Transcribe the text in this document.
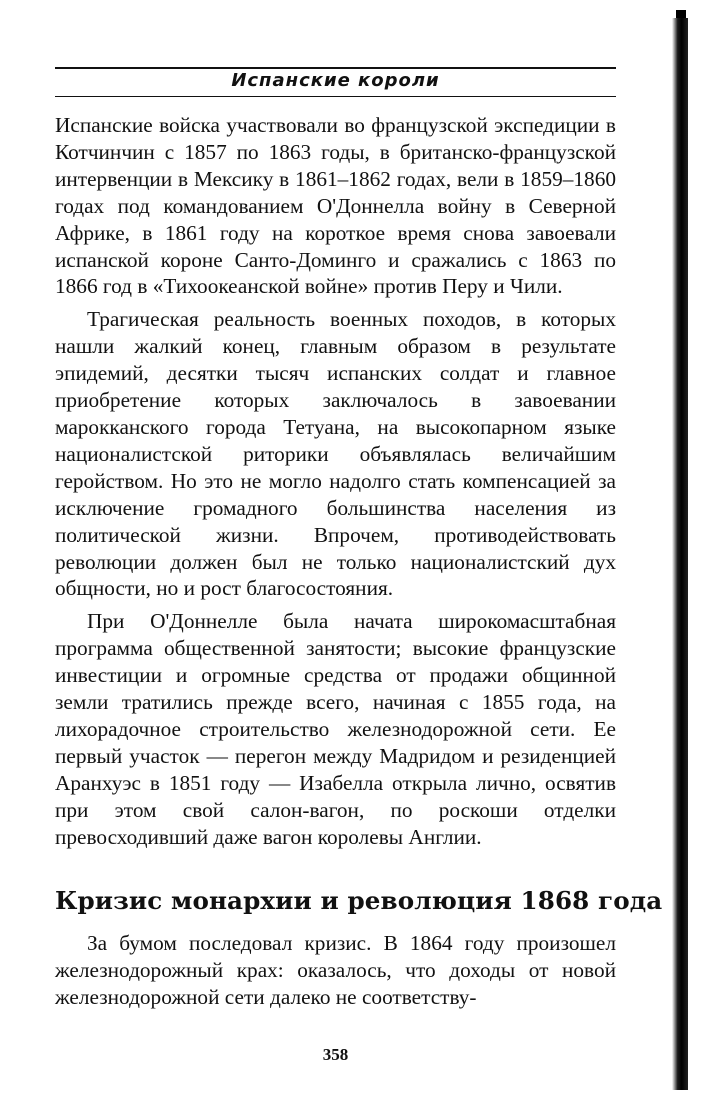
Испанские короли

Испанские войска участвовали во французской экспедиции в Котчинчин с 1857 по 1863 годы, в британско-французской интервенции в Мексику в 1861–1862 годах, вели в 1859–1860 годах под командованием О'Доннелла войну в Северной Африке, в 1861 году на короткое время снова завоевали испанской короне Санто-Доминго и сражались с 1863 по 1866 год в «Тихоокеанской войне» против Перу и Чили.

Трагическая реальность военных походов, в которых нашли жалкий конец, главным образом в результате эпидемий, десятки тысяч испанских солдат и главное приобретение которых заключалось в завоевании марокканского города Тетуана, на высокопарном языке националистской риторики объявлялась величайшим геройством. Но это не могло надолго стать компенсацией за исключение громадного большинства населения из политической жизни. Впрочем, противодействовать революции должен был не только националистский дух общности, но и рост благосостояния.

При О'Доннелле была начата широкомасштабная программа общественной занятости; высокие французские инвестиции и огромные средства от продажи общинной земли тратились прежде всего, начиная с 1855 года, на лихорадочное строительство железнодорожной сети. Ее первый участок — перегон между Мадридом и резиденцией Аранхуэс в 1851 году — Изабелла открыла лично, освятив при этом свой салон-вагон, по роскоши отделки превосходивший даже вагон королевы Англии.

Кризис монархии и революция 1868 года

За бумом последовал кризис. В 1864 году произошел железнодорожный крах: оказалось, что доходы от новой железнодорожной сети далеко не соответству-

358
